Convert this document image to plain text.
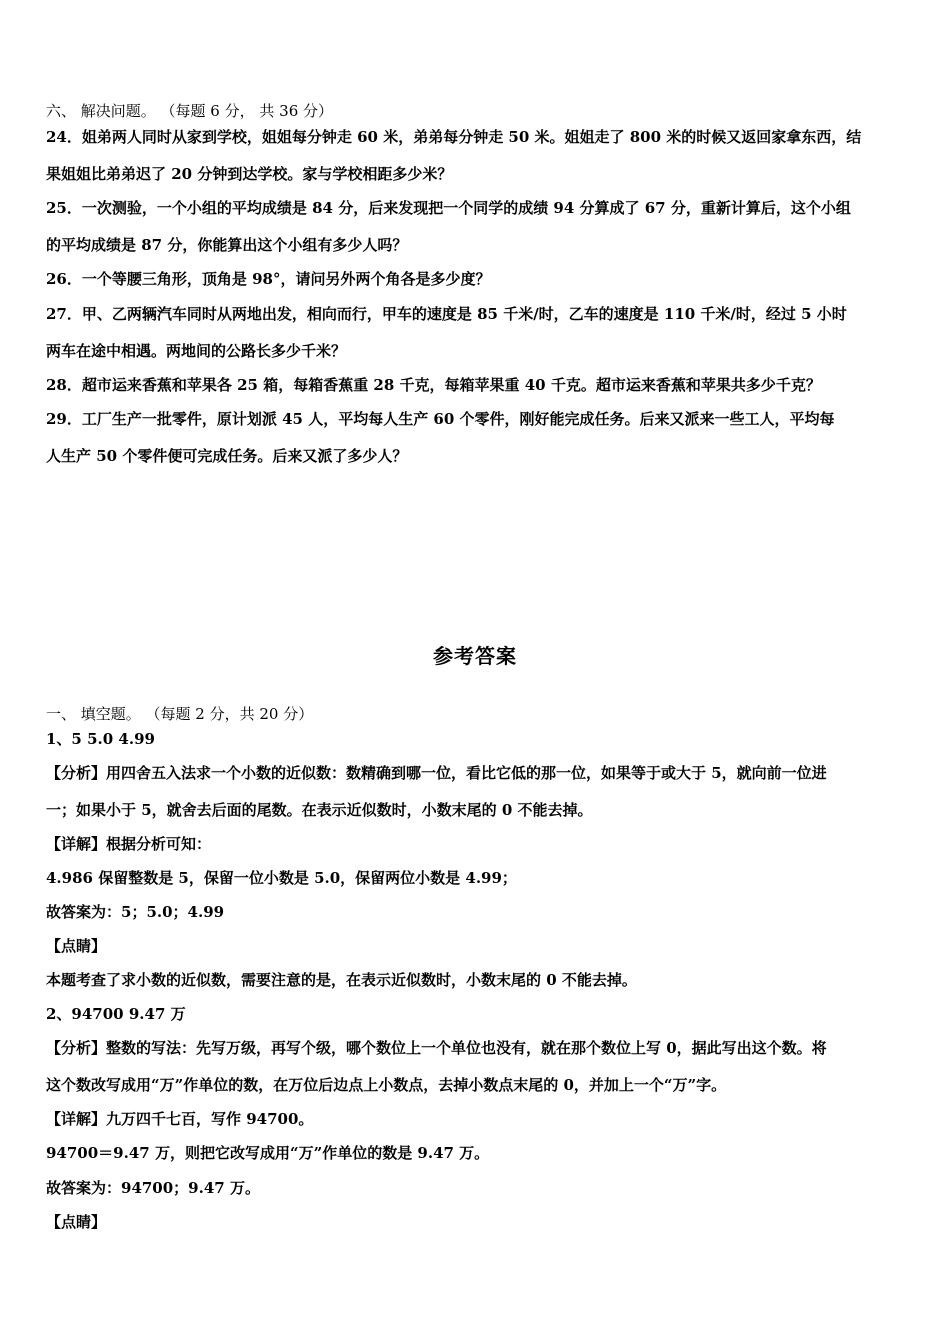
六、 解决问题。 （每题 6 分， 共 36 分）
24．姐弟两人同时从家到学校，姐姐每分钟走 60 米，弟弟每分钟走 50 米。姐姐走了 800 米的时候又返回家拿东西，结
果姐姐比弟弟迟了 20 分钟到达学校。家与学校相距多少米？
25．一次测验，一个小组的平均成绩是 84 分，后来发现把一个同学的成绩 94 分算成了 67 分，重新计算后，这个小组
的平均成绩是 87 分，你能算出这个小组有多少人吗？
26．一个等腰三角形，顶角是 98°，请问另外两个角各是多少度？
27．甲、乙两辆汽车同时从两地出发，相向而行，甲车的速度是 85 千米/时，乙车的速度是 110 千米/时，经过 5 小时
两车在途中相遇。两地间的公路长多少千米？
28．超市运来香蕉和苹果各 25 箱，每箱香蕉重 28 千克，每箱苹果重 40 千克。超市运来香蕉和苹果共多少千克？
29．工厂生产一批零件，原计划派 45 人，平均每人生产 60 个零件，刚好能完成任务。后来又派来一些工人，平均每
人生产 50 个零件便可完成任务。后来又派了多少人？
参考答案
一、 填空题。 （每题 2 分，共 20 分）
1、5 5.0 4.99
【分析】用四舍五入法求一个小数的近似数：数精确到哪一位，看比它低的那一位，如果等于或大于 5，就向前一位进
一；如果小于 5，就舍去后面的尾数。在表示近似数时，小数末尾的 0 不能去掉。
【详解】根据分析可知：
4.986 保留整数是 5，保留一位小数是 5.0，保留两位小数是 4.99；
故答案为：5；5.0；4.99
【点睛】
本题考查了求小数的近似数，需要注意的是，在表示近似数时，小数末尾的 0 不能去掉。
2、94700 9.47 万
【分析】整数的写法：先写万级，再写个级，哪个数位上一个单位也没有，就在那个数位上写 0，据此写出这个数。将
这个数改写成用“万”作单位的数，在万位后边点上小数点，去掉小数点末尾的 0，并加上一个“万”字。
【详解】九万四千七百，写作 94700。
94700＝9.47 万，则把它改写成用“万”作单位的数是 9.47 万。
故答案为：94700；9.47 万。
【点睛】
